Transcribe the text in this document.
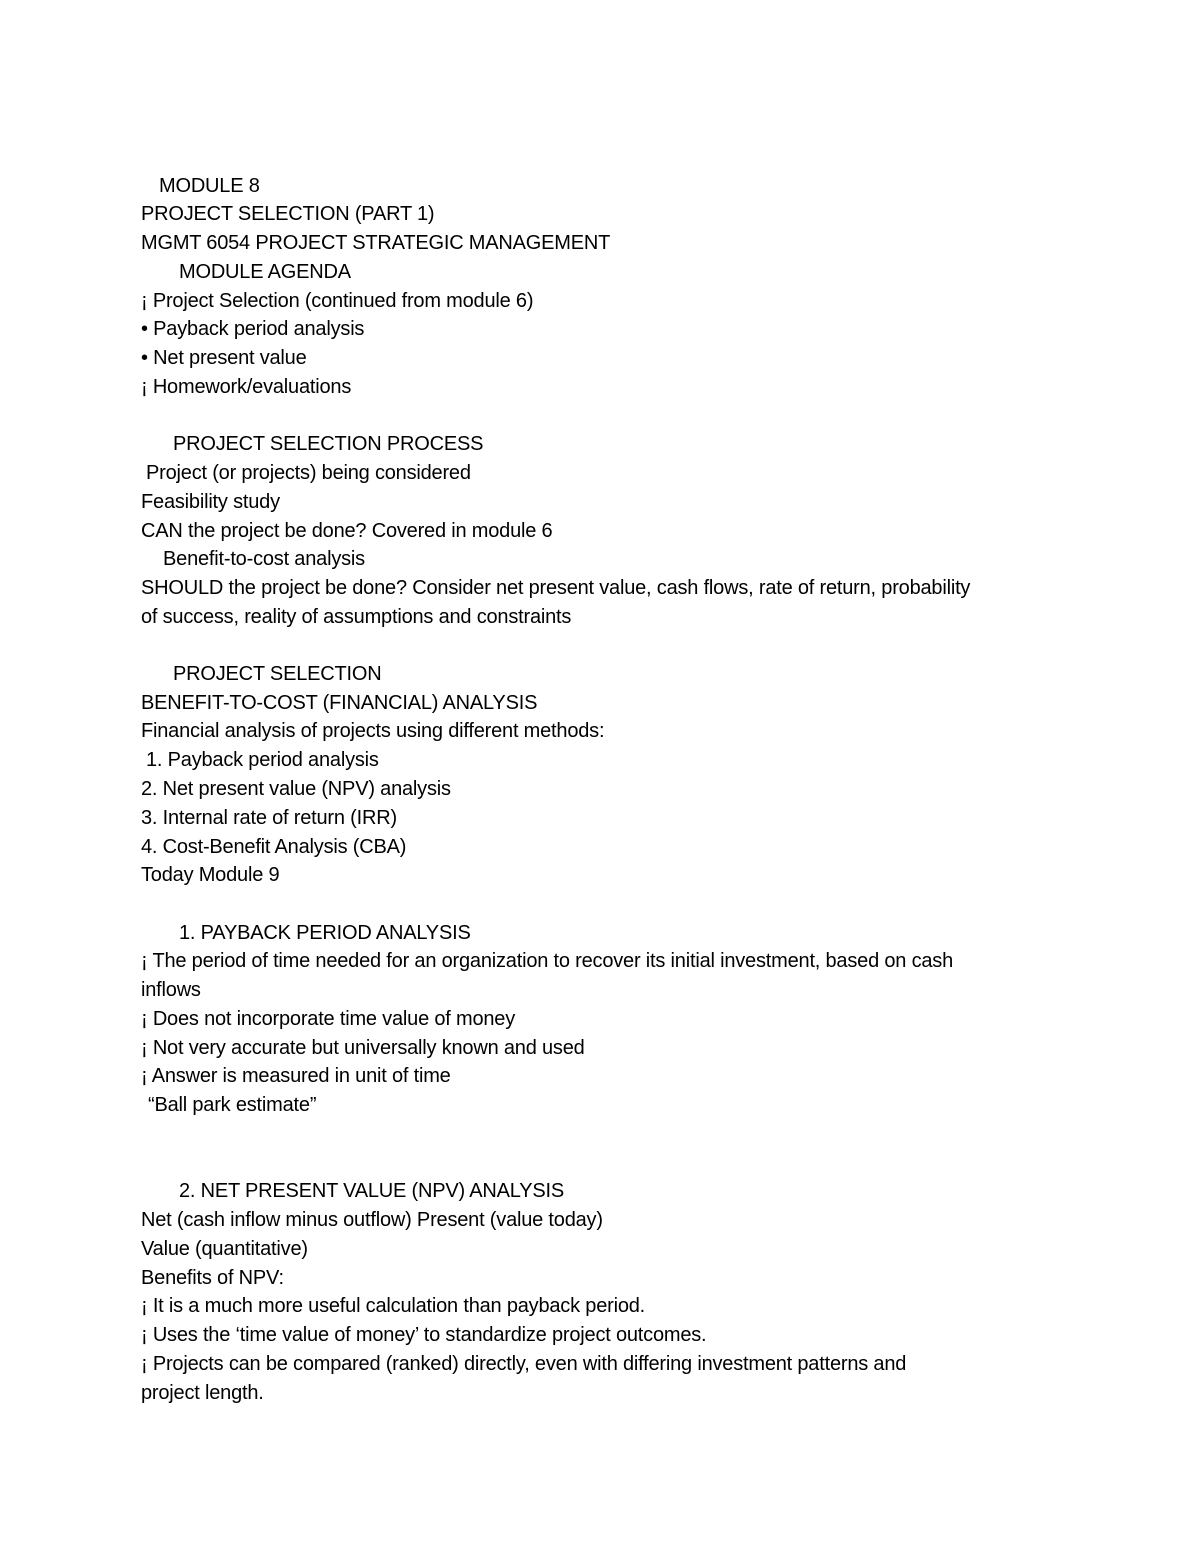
MODULE 8
PROJECT SELECTION (PART 1)
MGMT 6054 PROJECT STRATEGIC MANAGEMENT
MODULE AGENDA
¡ Project Selection (continued from module 6)
• Payback period analysis
• Net present value
¡ Homework/evaluations
PROJECT SELECTION PROCESS
Project (or projects) being considered
Feasibility study
CAN the project be done? Covered in module 6
Benefit-to-cost analysis
SHOULD the project be done? Consider net present value, cash flows, rate of return, probability
of success, reality of assumptions and constraints
PROJECT SELECTION
BENEFIT-TO-COST (FINANCIAL) ANALYSIS
Financial analysis of projects using different methods:
1. Payback period analysis
2. Net present value (NPV) analysis
3. Internal rate of return (IRR)
4. Cost-Benefit Analysis (CBA)
Today Module 9
1. PAYBACK PERIOD ANALYSIS
¡ The period of time needed for an organization to recover its initial investment, based on cash
inflows
¡ Does not incorporate time value of money
¡ Not very accurate but universally known and used
¡ Answer is measured in unit of time
“Ball park estimate”
2. NET PRESENT VALUE (NPV) ANALYSIS
Net (cash inflow minus outflow) Present (value today)
Value (quantitative)
Benefits of NPV:
¡ It is a much more useful calculation than payback period.
¡ Uses the ‘time value of money’ to standardize project outcomes.
¡ Projects can be compared (ranked) directly, even with differing investment patterns and
project length.
